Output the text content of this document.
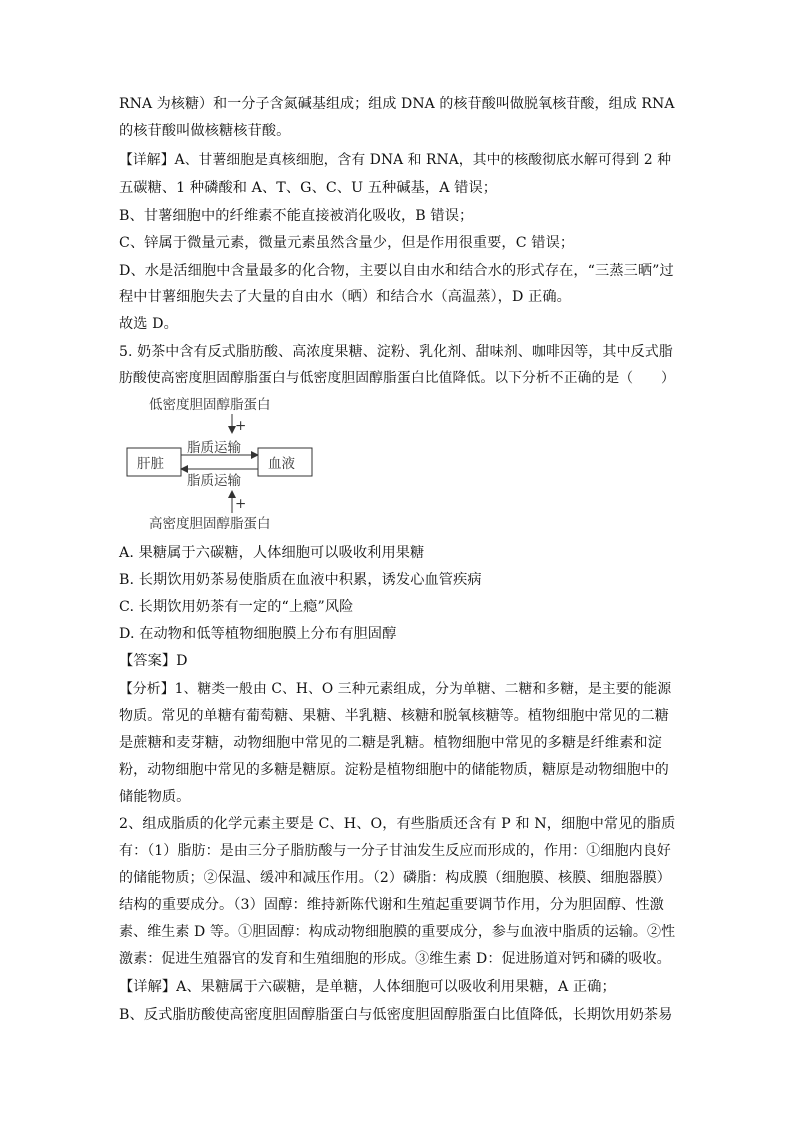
RNA 为核糖）和一分子含氮碱基组成；组成 DNA 的核苷酸叫做脱氧核苷酸，组成 RNA
的核苷酸叫做核糖核苷酸。
【详解】A、甘薯细胞是真核细胞，含有 DNA 和 RNA，其中的核酸彻底水解可得到 2 种
五碳糖、1 种磷酸和 A、T、G、C、U 五种碱基，A 错误；
B、甘薯细胞中的纤维素不能直接被消化吸收，B 错误；
C、锌属于微量元素，微量元素虽然含量少，但是作用很重要，C 错误；
D、水是活细胞中含量最多的化合物，主要以自由水和结合水的形式存在，“三蒸三晒”过
程中甘薯细胞失去了大量的自由水（晒）和结合水（高温蒸），D 正确。
故选 D。
5. 奶茶中含有反式脂肪酸、高浓度果糖、淀粉、乳化剂、甜味剂、咖啡因等，其中反式脂
肪酸使高密度胆固醇脂蛋白与低密度胆固醇脂蛋白比值降低。以下分析不正确的是（　　）
低密度胆固醇脂蛋白
+
脂质运输
肝脏	血液
脂质运输
+
高密度胆固醇脂蛋白
A. 果糖属于六碳糖，人体细胞可以吸收利用果糖
B. 长期饮用奶茶易使脂质在血液中积累，诱发心血管疾病
C. 长期饮用奶茶有一定的“上瘾”风险
D. 在动物和低等植物细胞膜上分布有胆固醇
【答案】D
【分析】1、糖类一般由 C、H、O 三种元素组成，分为单糖、二糖和多糖，是主要的能源
物质。常见的单糖有葡萄糖、果糖、半乳糖、核糖和脱氧核糖等。植物细胞中常见的二糖
是蔗糖和麦芽糖，动物细胞中常见的二糖是乳糖。植物细胞中常见的多糖是纤维素和淀
粉，动物细胞中常见的多糖是糖原。淀粉是植物细胞中的储能物质，糖原是动物细胞中的
储能物质。
2、组成脂质的化学元素主要是 C、H、O，有些脂质还含有 P 和 N，细胞中常见的脂质
有：（1）脂肪：是由三分子脂肪酸与一分子甘油发生反应而形成的，作用：①细胞内良好
的储能物质；②保温、缓冲和减压作用。（2）磷脂：构成膜（细胞膜、核膜、细胞器膜）
结构的重要成分。（3）固醇：维持新陈代谢和生殖起重要调节作用，分为胆固醇、性激
素、维生素 D 等。①胆固醇：构成动物细胞膜的重要成分，参与血液中脂质的运输。②性
激素：促进生殖器官的发育和生殖细胞的形成。③维生素 D：促进肠道对钙和磷的吸收。
【详解】A、果糖属于六碳糖，是单糖，人体细胞可以吸收利用果糖，A 正确；
B、反式脂肪酸使高密度胆固醇脂蛋白与低密度胆固醇脂蛋白比值降低，长期饮用奶茶易
